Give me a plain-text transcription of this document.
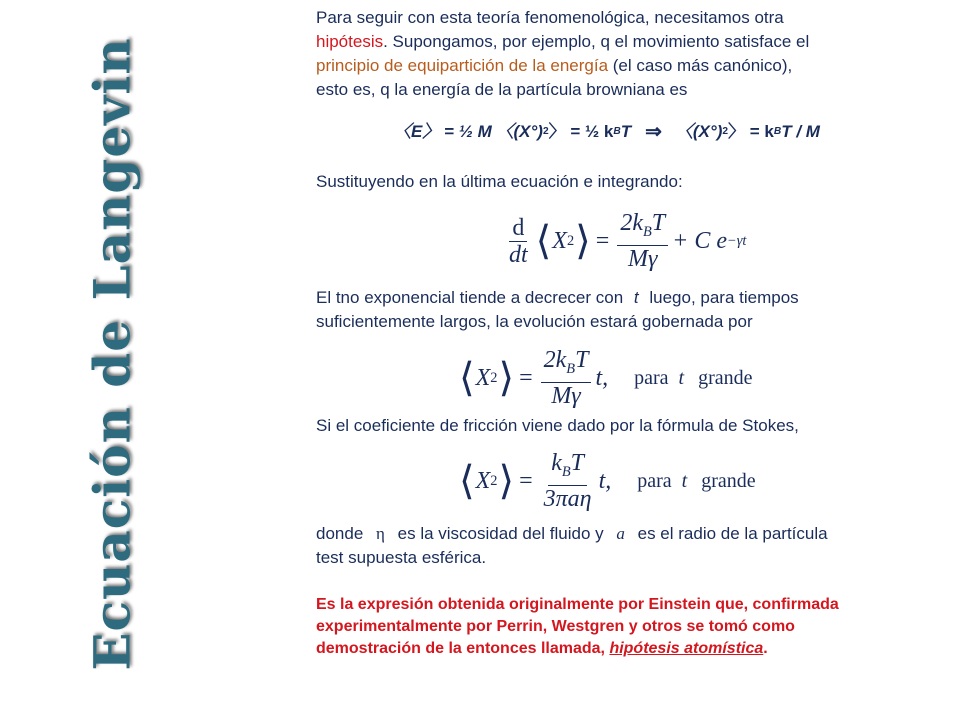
Ecuación de Langevin

Para seguir con esta teoría fenomenológica, necesitamos otra
hipótesis. Supongamos, por ejemplo, q el movimiento satisface el
principio de equipartición de la energía (el caso más canónico),
esto es, q la energía de la partícula browniana es

〈E〉 = ½ M 〈(X°) 2 〉 = ½ k B T ⇒ 〈(X°) 2 〉 = k B T / M

Sustituyendo en la última ecuación e integrando:

$\frac{d}{dt}$ ⟨ X 2 ⟩ = $\frac{2k_BT}{M\gamma} + C$ e −γt

El tno exponencial tiende a decrecer con t luego, para tiempos
suficientemente largos, la evolución estará gobernada por

⟨ X 2 ⟩ = $\frac{2k_BT}{M\gamma} t$, para t grande

Si el coeficiente de fricción viene dado por la fórmula de Stokes,

⟨ X 2 ⟩ = $\frac{k_BT}{\text{3πaη}} t$, para t grande

donde η es la viscosidad del fluido y a es el radio de la partícula
test supuesta esférica.

Es la expresión obtenida originalmente por Einstein que, confirmada
experimentalmente por Perrin, Westgren y otros se tomó como
demostración de la entonces llamada, hipótesis atomística.
